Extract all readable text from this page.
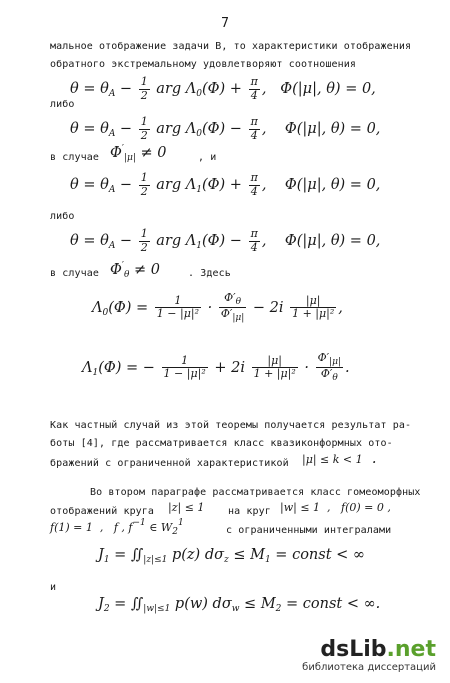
7
мальное отображение задачи B, то характеристики отображения
обратного экстремальному удовлетворяют соотношения
$\theta = \theta_A - \frac{1}{2}$ arg $\Lambda_0(\Phi) + \frac{\pi}{4}$ ,   Φ(|μ|, θ) = 0,
либо
$\theta = \theta_A - \frac{1}{2}$ arg $\Lambda_0(\Phi) - \frac{\pi}{4}$ ,    Φ(|μ|, θ) = 0,
в случае $\Phi'_{|\mu|} \ne 0$	, и
$\theta = \theta_A - \frac{1}{2}$ arg $\Lambda_1(\Phi) + \frac{\pi}{4}$ ,    Φ(|μ|, θ) = 0,
либо
$\theta = \theta_A - \frac{1}{2}$ arg $\Lambda_1(\Phi) - \frac{\pi}{4}$ ,    Φ(|μ|, θ) = 0,
в случае $\Phi'_\theta \ne 0$	. Здесь
$\Lambda_0(\Phi) = \frac{1}{\text{1 − |μ|²}} \cdot \frac{\Phi'_\theta}{\Phi'_{|\mu|}} - 2i \frac{|\mu|}{\text{1 + |μ|²}}$ ,
$\Lambda_1(\Phi)$ = − $\frac{1}{\text{1 − |μ|²}} + 2i \frac{|\mu|}{\text{1 + |μ|²}} \cdot \frac{\Phi'_{|\mu|}}{\Phi'_\theta}$ .
Как частный случай из этой теоремы получается результат ра-
боты [4], где рассматривается класс квазиконформных ото-
бражений с ограниченной характеристикой |μ| ≤ k < 1  .
Во втором параграфе рассматривается класс гомеоморфных
отображений круга |z| ≤ 1 на круг |w| ≤ 1  ,   f(0) = 0 ,
f(1) = 1  ,   f , $f^{-1}$ ∈ $W_2^1$
с ограниченными интегралами
$J_1$ = $∬_{|z|\le 1}$ p(z) $d\sigma_z \le M_1$ = const < ∞
и
$J_2$ = $∬_{|w|\le 1}$ p(w) $d\sigma_w \le M_2$ = const < ∞.
dsLib.net
библиотека диссертаций
